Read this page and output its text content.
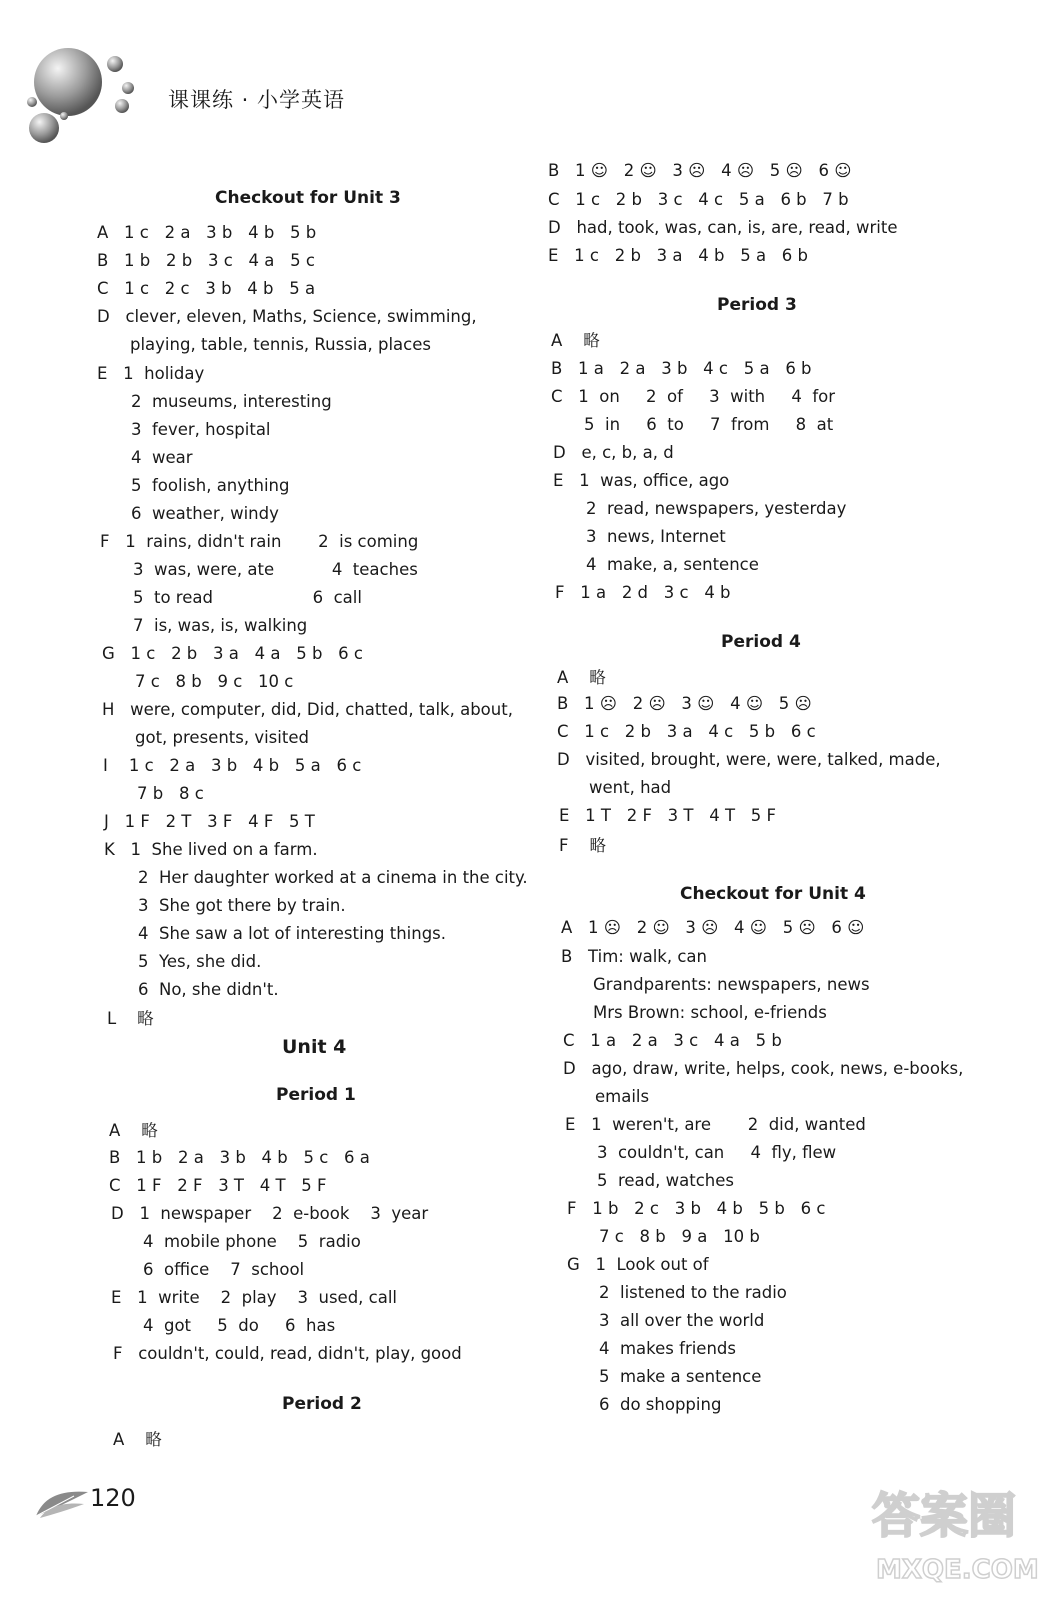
课课练 · 小学英语
Checkout for Unit 3
A   1 c   2 a   3 b   4 b   5 b
B   1 b   2 b   3 c   4 a   5 c
C   1 c   2 c   3 b   4 b   5 a
D   clever, eleven, Maths, Science, swimming,
playing, table, tennis, Russia, places
E   1  holiday
2  museums, interesting
3  fever, hospital
4  wear
5  foolish, anything
6  weather, windy
F   1  rains, didn't rain       2  is coming
3  was, were, ate           4  teaches
5  to read                   6  call
7  is, was, is, walking
G   1 c   2 b   3 a   4 a   5 b   6 c
7 c   8 b   9 c   10 c
H   were, computer, did, Did, chatted, talk, about,
got, presents, visited
I    1 c   2 a   3 b   4 b   5 a   6 c
7 b   8 c
J   1 F   2 T   3 F   4 F   5 T
K   1  She lived on a farm.
2  Her daughter worked at a cinema in the city.
3  She got there by train.
4  She saw a lot of interesting things.
5  Yes, she did.
6  No, she didn't.
L    略
Unit 4
Period 1
A    略
B   1 b   2 a   3 b   4 b   5 c   6 a
C   1 F   2 F   3 T   4 T   5 F
D   1  newspaper    2  e-book    3  year
4  mobile phone    5  radio
6  office    7  school
E   1  write    2  play    3  used, call
4  got     5  do     6  has
F   couldn't, could, read, didn't, play, good
Period 2
A    略
B   1 ☺   2 ☺   3 ☹   4 ☹   5 ☹   6 ☺
C   1 c   2 b   3 c   4 c   5 a   6 b   7 b
D   had, took, was, can, is, are, read, write
E   1 c   2 b   3 a   4 b   5 a   6 b
Period 3
A    略
B   1 a   2 a   3 b   4 c   5 a   6 b
C   1  on     2  of     3  with     4  for
5  in     6  to     7  from     8  at
D   e, c, b, a, d
E   1  was, office, ago
2  read, newspapers, yesterday
3  news, Internet
4  make, a, sentence
F   1 a   2 d   3 c   4 b
Period 4
A    略
B   1 ☹   2 ☹   3 ☺   4 ☺   5 ☹
C   1 c   2 b   3 a   4 c   5 b   6 c
D   visited, brought, were, were, talked, made,
went, had
E   1 T   2 F   3 T   4 T   5 F
F    略
Checkout for Unit 4
A   1 ☹   2 ☺   3 ☹   4 ☺   5 ☹   6 ☺
B   Tim: walk, can
Grandparents: newspapers, news
Mrs Brown: school, e-friends
C   1 a   2 a   3 c   4 a   5 b
D   ago, draw, write, helps, cook, news, e-books,
emails
E   1  weren't, are       2  did, wanted
3  couldn't, can     4  fly, flew
5  read, watches
F   1 b   2 c   3 b   4 b   5 b   6 c
7 c   8 b   9 a   10 b
G   1  Look out of
2  listened to the radio
3  all over the world
4  makes friends
5  make a sentence
6  do shopping
120	答案圈
MXQE.COM
